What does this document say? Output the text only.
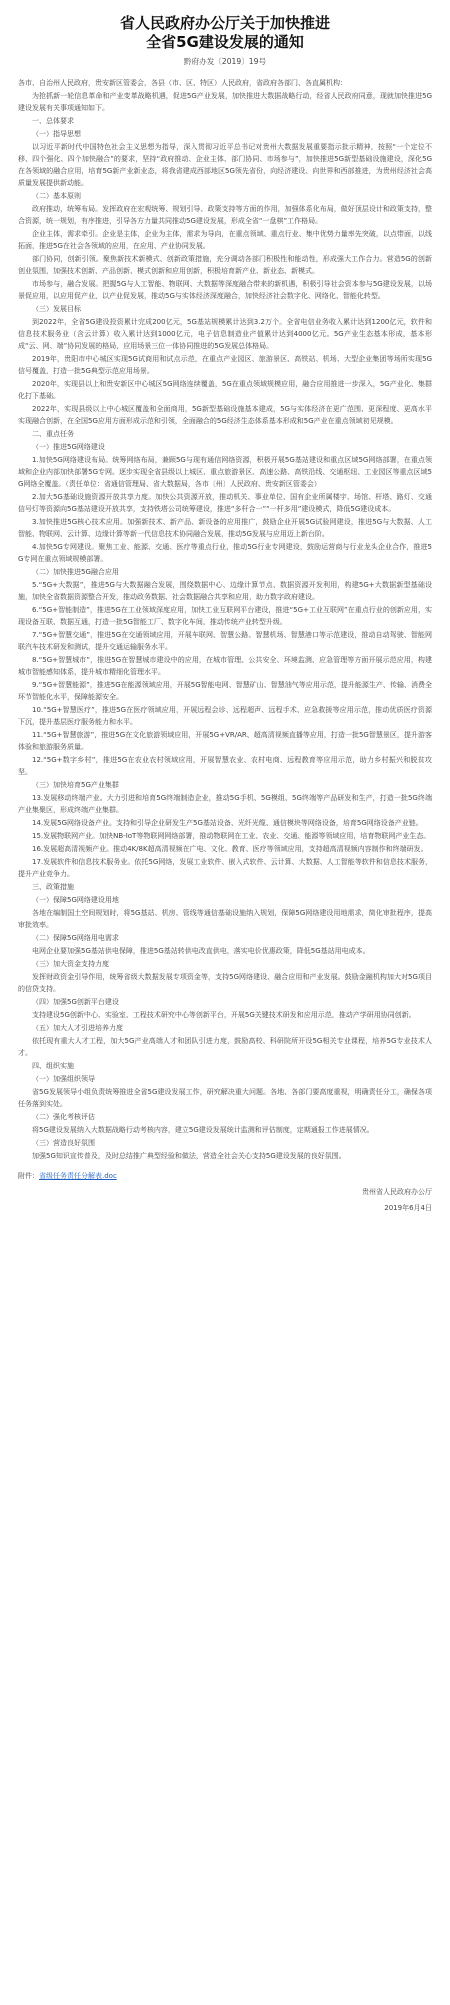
省人民政府办公厅关于加快推进
全省5G建设发展的通知
黔府办发〔2019〕19号
各市、自治州人民政府，贵安新区管委会，各县（市、区、特区）人民政府，省政府各部门、各直属机构：
为抢抓新一轮信息革命和产业变革战略机遇，促进5G产业发展，加快推进大数据战略行动，经省人民政府同意，现就加快推进5G建设发展有关事项通知如下。
一、总体要求
（一）指导思想
以习近平新时代中国特色社会主义思想为指导，深入贯彻习近平总书记对贵州大数据发展重要指示批示精神，按照“一个定位不移、四个强化、四个加快融合”的要求，坚持“政府推动、企业主体、部门协同、市场参与”，加快推进5G新型基础设施建设，深化5G在各领域的融合应用，培育5G新产业新业态，将我省建成西部地区5G领先省份，向经济建设、向世界和西部推进，为贵州经济社会高质量发展提供新动能。
（二）基本原则
政府推动，统筹布局。发挥政府在宏观统筹、规划引导、政策支持等方面的作用，加强体系化布局，做好顶层设计和政策支持，整合资源，统一规划，有序推进，引导各方力量共同推动5G建设发展，形成全省“一盘棋”工作格局。
企业主体，需求牵引。企业是主体，企业为主体，需求为导向，在重点领域、重点行业、集中优势力量率先突破，以点带面，以线拓面，推进5G在社会各领域的应用，在应用、产业协同发展。
部门协同，创新引领。聚焦新技术新模式、创新政策措施，充分调动各部门积极性和能动性，形成强大工作合力。营造5G的创新创业氛围，加强技术创新、产品创新、模式创新和应用创新，积极培育新产业、新业态、新模式。
市场参与，融合发展。把握5G与人工智能、物联网、大数据等深度融合带来的新机遇，积极引导社会资本参与5G建设发展，以场景促应用，以应用促产业，以产业促发展，推动5G与实体经济深度融合，加快经济社会数字化、网络化、智能化转型。
（三）发展目标
到2022年，全省5G建设投资累计完成200亿元，5G基站规模累计达到3.2万个。全省电信业务收入累计达到1200亿元，软件和信息技术服务业（含云计算）收入累计达到1000亿元，电子信息制造业产值累计达到4000亿元。5G产业生态基本形成，基本形成“云、网、端”协同发展的格局，应用场景三位一体协同推进的5G发展总体格局。
2019年，贵阳市中心城区实现5G试商用和试点示范，在重点产业园区、旅游景区、高铁站、机场、大型企业集团等场所实现5G信号覆盖，打造一批5G典型示范应用场景。
2020年，实现县以上和贵安新区中心城区5G网络连续覆盖，5G在重点领域规模应用，融合应用推进一步深入，5G产业化、集群化打下基础。
2022年，实现县级以上中心城区覆盖和全面商用，5G新型基础设施基本建成，5G与实体经济在更广范围、更深程度、更高水平实现融合创新，在全国5G应用方面形成示范和引领，全面融合的5G经济生态体系基本形成和5G产业在重点领域初见规模。
二、重点任务
（一）推进5G网络建设
1.加快5G网络建设布局。统筹网络布局，兼顾5G与现有通信网络资源，积极开展5G基站建设和重点区域5G网络部署，在重点领域和企业内部加快部署5G专网。逐步实现全省县级以上城区、重点旅游景区、高速公路、高铁沿线、交通枢纽、工业园区等重点区域5G网络全覆盖。（责任单位：省通信管理局、省大数据局，各市〔州〕人民政府、贵安新区管委会）
2.加大5G基础设施资源开放共享力度。加快公共资源开放，推动机关、事业单位、国有企业所属楼宇、场馆、杆塔、路灯、交通信号灯等资源向5G基站建设开放共享，支持铁塔公司统筹建设，推进“多杆合一”“一杆多用”建设模式，降低5G建设成本。
3.加快推进5G核心技术应用。加强新技术、新产品、新设备的应用推广，鼓励企业开展5G试验网建设，推进5G与大数据、人工智能、物联网、云计算、边缘计算等新一代信息技术协同融合发展，推动5G发展与应用迈上新台阶。
4.加快5G专网建设。聚焦工业、能源、交通、医疗等重点行业，推动5G行业专网建设，鼓励运营商与行业龙头企业合作，推进5G专网在重点领域规模部署。
（二）加快推进5G融合应用
5.“5G+大数据”，推进5G与大数据融合发展，围绕数据中心、边缘计算节点、数据资源开发利用，构建5G+大数据新型基础设施，加快全省数据资源整合开发，推动政务数据、社会数据融合共享和应用，助力数字政府建设。
6.“5G+智能制造”，推进5G在工业领域深度应用，加快工业互联网平台建设，推进“5G+工业互联网”在重点行业的创新应用，实现设备互联、数据互通，打造一批5G智能工厂、数字化车间，推动传统产业转型升级。
7.“5G+智慧交通”，推进5G在交通领域应用，开展车联网、智慧公路、智慧机场、智慧港口等示范建设，推动自动驾驶、智能网联汽车技术研发和测试，提升交通运输服务水平。
8.“5G+智慧城市”，推进5G在智慧城市建设中的应用，在城市管理、公共安全、环境监测、应急管理等方面开展示范应用，构建城市智能感知体系，提升城市精细化管理水平。
9.“5G+智慧能源”，推进5G在能源领域应用，开展5G智能电网、智慧矿山、智慧油气等应用示范，提升能源生产、传输、消费全环节智能化水平，保障能源安全。
10.“5G+智慧医疗”，推进5G在医疗领域应用，开展远程会诊、远程超声、远程手术、应急救援等应用示范，推动优质医疗资源下沉，提升基层医疗服务能力和水平。
11.“5G+智慧旅游”，推进5G在文化旅游领域应用，开展5G+VR/AR、超高清视频直播等应用，打造一批5G智慧景区，提升游客体验和旅游服务质量。
12.“5G+数字乡村”，推进5G在农业农村领域应用，开展智慧农业、农村电商、远程教育等应用示范，助力乡村振兴和脱贫攻坚。
（三）加快培育5G产业集群
13.发展移动终端产业。大力引进和培育5G终端制造企业，推动5G手机、5G模组、5G终端等产品研发和生产，打造一批5G终端产业集聚区，形成终端产业集群。
14.发展5G网络设备产业。支持和引导企业研发生产5G基站设备、光纤光缆、通信模块等网络设备，培育5G网络设备产业链。
15.发展物联网产业。加快NB-IoT等物联网网络部署，推动物联网在工业、农业、交通、能源等领域应用，培育物联网产业生态。
16.发展超高清视频产业。推动4K/8K超高清视频在广电、文化、教育、医疗等领域应用，支持超高清视频内容制作和终端研发。
17.发展软件和信息技术服务业。依托5G网络，发展工业软件、嵌入式软件、云计算、大数据、人工智能等软件和信息技术服务，提升产业竞争力。
三、政策措施
（一）保障5G网络建设用地
各地在编制国土空间规划时，将5G基站、机房、管线等通信基础设施纳入规划，保障5G网络建设用地需求，简化审批程序，提高审批效率。
（二）保障5G网络用电需求
电网企业要加强5G基站供电保障，推进5G基站转供电改直供电，落实电价优惠政策，降低5G基站用电成本。
（三）加大资金支持力度
发挥财政资金引导作用，统筹省级大数据发展专项资金等，支持5G网络建设、融合应用和产业发展。鼓励金融机构加大对5G项目的信贷支持。
（四）加强5G创新平台建设
支持建设5G创新中心、实验室、工程技术研究中心等创新平台，开展5G关键技术研发和应用示范，推动产学研用协同创新。
（五）加大人才引进培养力度
依托现有重大人才工程，加大5G产业高端人才和团队引进力度，鼓励高校、科研院所开设5G相关专业课程，培养5G专业技术人才。
四、组织实施
（一）加强组织领导
省5G发展领导小组负责统筹推进全省5G建设发展工作，研究解决重大问题。各地、各部门要高度重视，明确责任分工，确保各项任务落到实处。
（二）强化考核评估
将5G建设发展纳入大数据战略行动考核内容，建立5G建设发展统计监测和评估制度，定期通报工作进展情况。
（三）营造良好氛围
加强5G知识宣传普及，及时总结推广典型经验和做法，营造全社会关心支持5G建设发展的良好氛围。
附件：省级任务责任分解表.doc
贵州省人民政府办公厅
2019年6月4日
